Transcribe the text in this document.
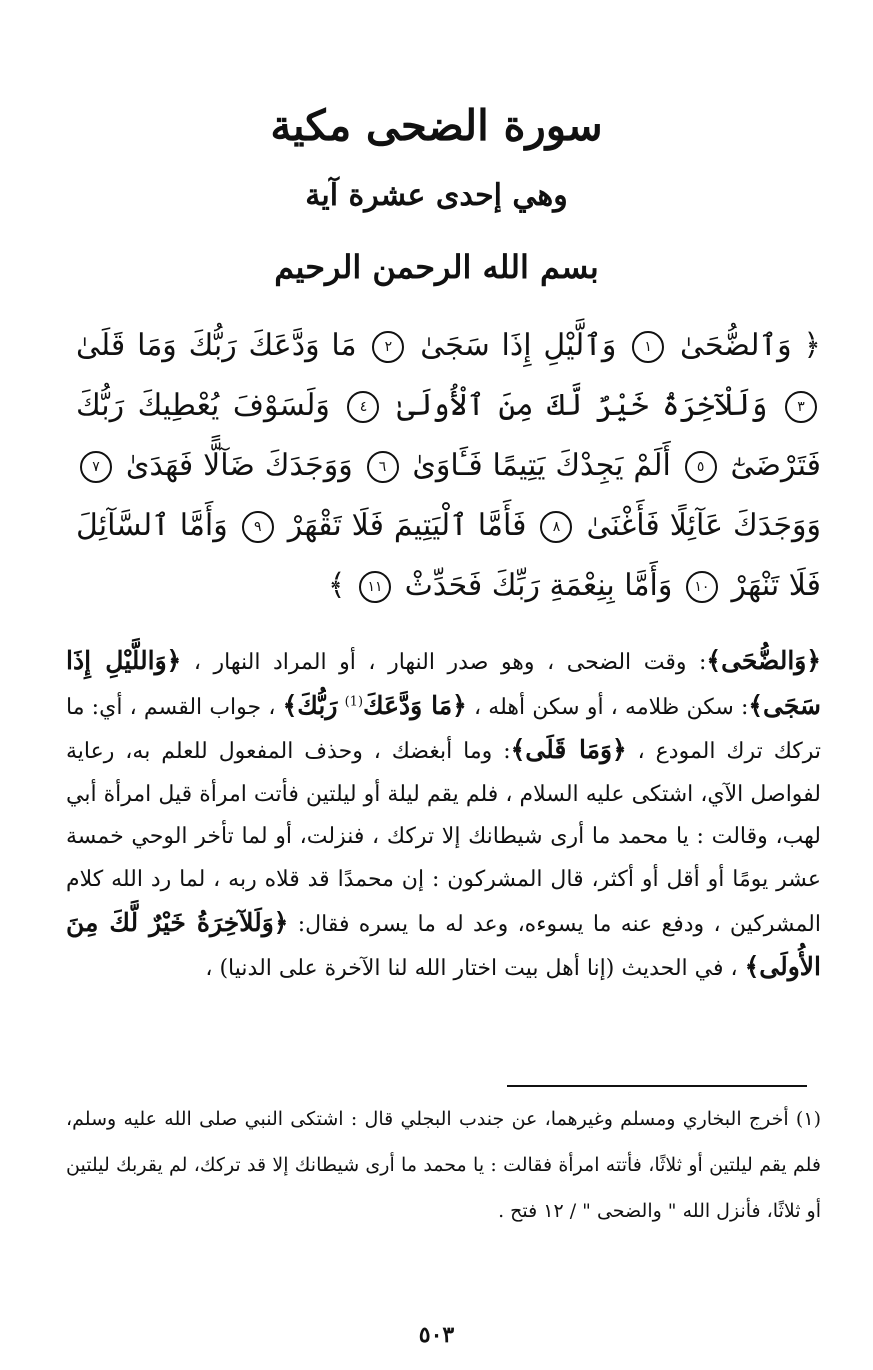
سورة الضحى مكية
وهي إحدى عشرة آية
بسم الله الرحمن الرحيم
﴿ وَٱلضُّحَىٰ ١ وَٱلَّيْلِ إِذَا سَجَىٰ ٢ مَا وَدَّعَكَ رَبُّكَ وَمَا قَلَىٰ ٣ وَلَلْآخِرَةُ خَيْرٌ لَّكَ مِنَ ٱلْأُولَىٰ ٤ وَلَسَوْفَ يُعْطِيكَ رَبُّكَ فَتَرْضَىٰٓ ٥ أَلَمْ يَجِدْكَ يَتِيمًا فَـَٔاوَىٰ ٦ وَوَجَدَكَ ضَآلًّا فَهَدَىٰ ٧ وَوَجَدَكَ عَآئِلًا فَأَغْنَىٰ ٨ فَأَمَّا ٱلْيَتِيمَ فَلَا تَقْهَرْ ٩ وَأَمَّا ٱلسَّآئِلَ فَلَا تَنْهَرْ ١٠ وَأَمَّا بِنِعْمَةِ رَبِّكَ فَحَدِّثْ ١١ ﴾
﴿وَالضُّحَى﴾: وقت الضحى ، وهو صدر النهار ، أو المراد النهار ، ﴿وَاللَّيْلِ إِذَا سَجَى﴾: سكن ظلامه ، أو سكن أهله ، ﴿مَا وَدَّعَكَ$^{(1)}$ رَبُّكَ﴾ ، جواب القسم ، أي: ما تركك ترك المودع ، ﴿وَمَا قَلَى﴾: وما أبغضك ، وحذف المفعول للعلم به، رعاية لفواصل الآي، اشتكى عليه السلام ، فلم يقم ليلة أو ليلتين فأتت امرأة قيل امرأة أبي لهب، وقالت : يا محمد ما أرى شيطانك إلا تركك ، فنزلت، أو لما تأخر الوحي خمسة عشر يومًا أو أقل أو أكثر، قال المشركون : إن محمدًا قد قلاه ربه ، لما رد الله كلام المشركين ، ودفع عنه ما يسوءه، وعد له ما يسره فقال: ﴿وَلَلآخِرَةُ خَيْرٌ لَّكَ مِنَ الأُولَى﴾ ، في الحديث (إنا أهل بيت اختار الله لنا الآخرة على الدنيا) ،
(١) أخرج البخاري ومسلم وغيرهما، عن جندب البجلي قال : اشتكى النبي صلى الله عليه وسلم، فلم يقم ليلتين أو ثلاثًا، فأتته امرأة فقالت : يا محمد ما أرى شيطانك إلا قد تركك، لم يقربك ليلتين أو ثلاثًا، فأنزل الله " والضحى " / ١٢ فتح .
٥٠٣
